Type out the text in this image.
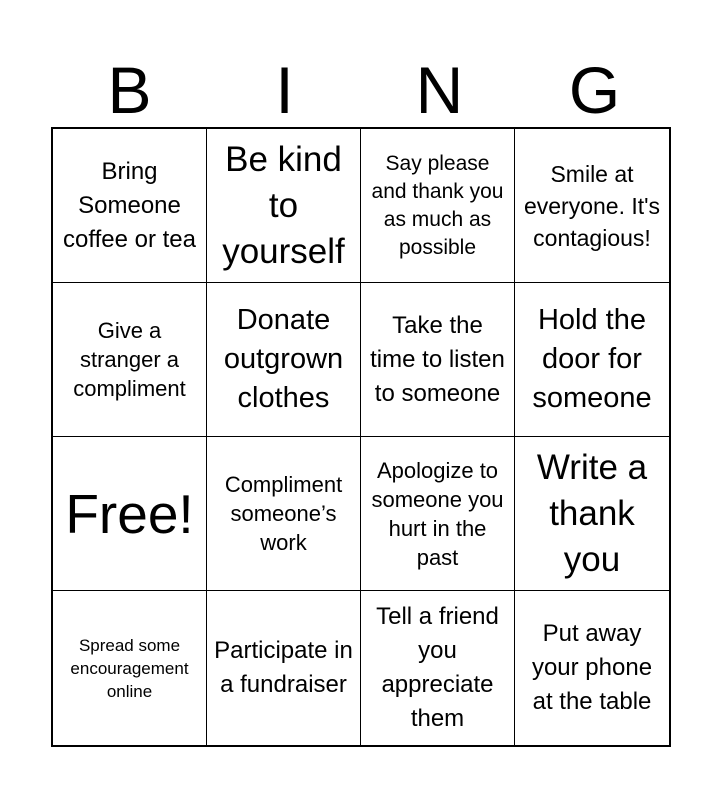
B	I	N	G
Bring Someone coffee or tea
Be kind to yourself
Say please and thank you as much as possible
Smile at everyone. It's contagious!
Give a stranger a compliment
Donate outgrown clothes
Take the time to listen to someone
Hold the door for someone
Free!	Compliment someone’s work
Apologize to someone you hurt in the past
Write a thank you
Spread some encouragement online
Participate in a fundraiser
Tell a friend you appreciate them
Put away your phone at the table
